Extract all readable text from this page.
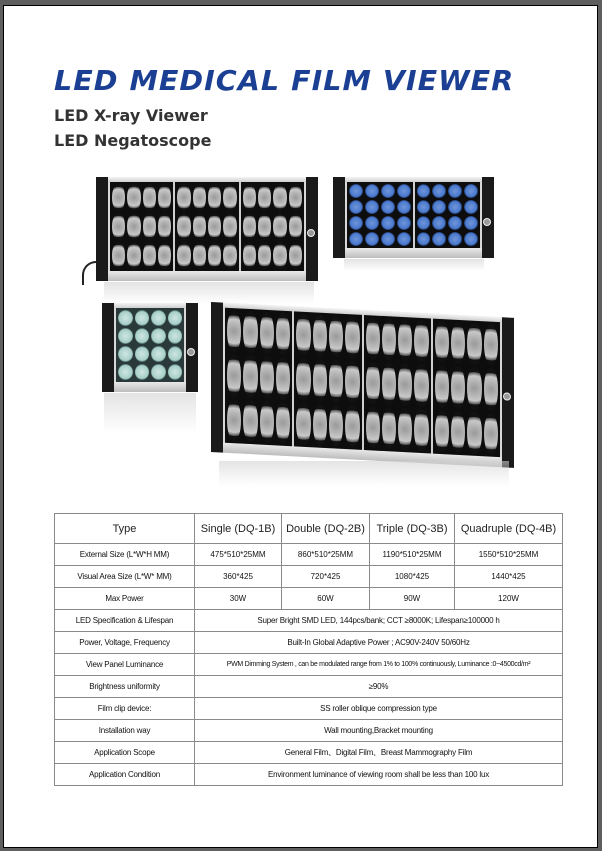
LED MEDICAL FILM VIEWER
LED X-ray Viewer
LED Negatoscope
Type	Single (DQ-1B)	Double (DQ-2B)	Triple (DQ-3B)	Quadruple (DQ-4B)
External Size (L*W*H MM)	475*510*25MM	860*510*25MM	1190*510*25MM	1550*510*25MM
Visual Area Size (L*W* MM)	360*425	720*425	1080*425	1440*425
Max Power	30W	60W	90W	120W
LED Specification & Lifespan	Super Bright SMD LED, 144pcs/bank; CCT ≥8000K; Lifespan≥100000 h			
Power, Voltage, Frequency	Built-In Global Adaptive Power ; AC90V-240V 50/60Hz			
View Panel Luminance	PWM Dimming System , can be modulated range from 1% to 100% continuously, Luminance :0~4500cd/m²			
Brightness uniformity	≥90%			
Film clip device:	SS roller oblique compression type			
Installation way	Wall mounting,Bracket mounting			
Application Scope	General Film、Digital Film、Breast Mammography Film			
Application Condition	Environment luminance of viewing room shall be less than 100 lux			
